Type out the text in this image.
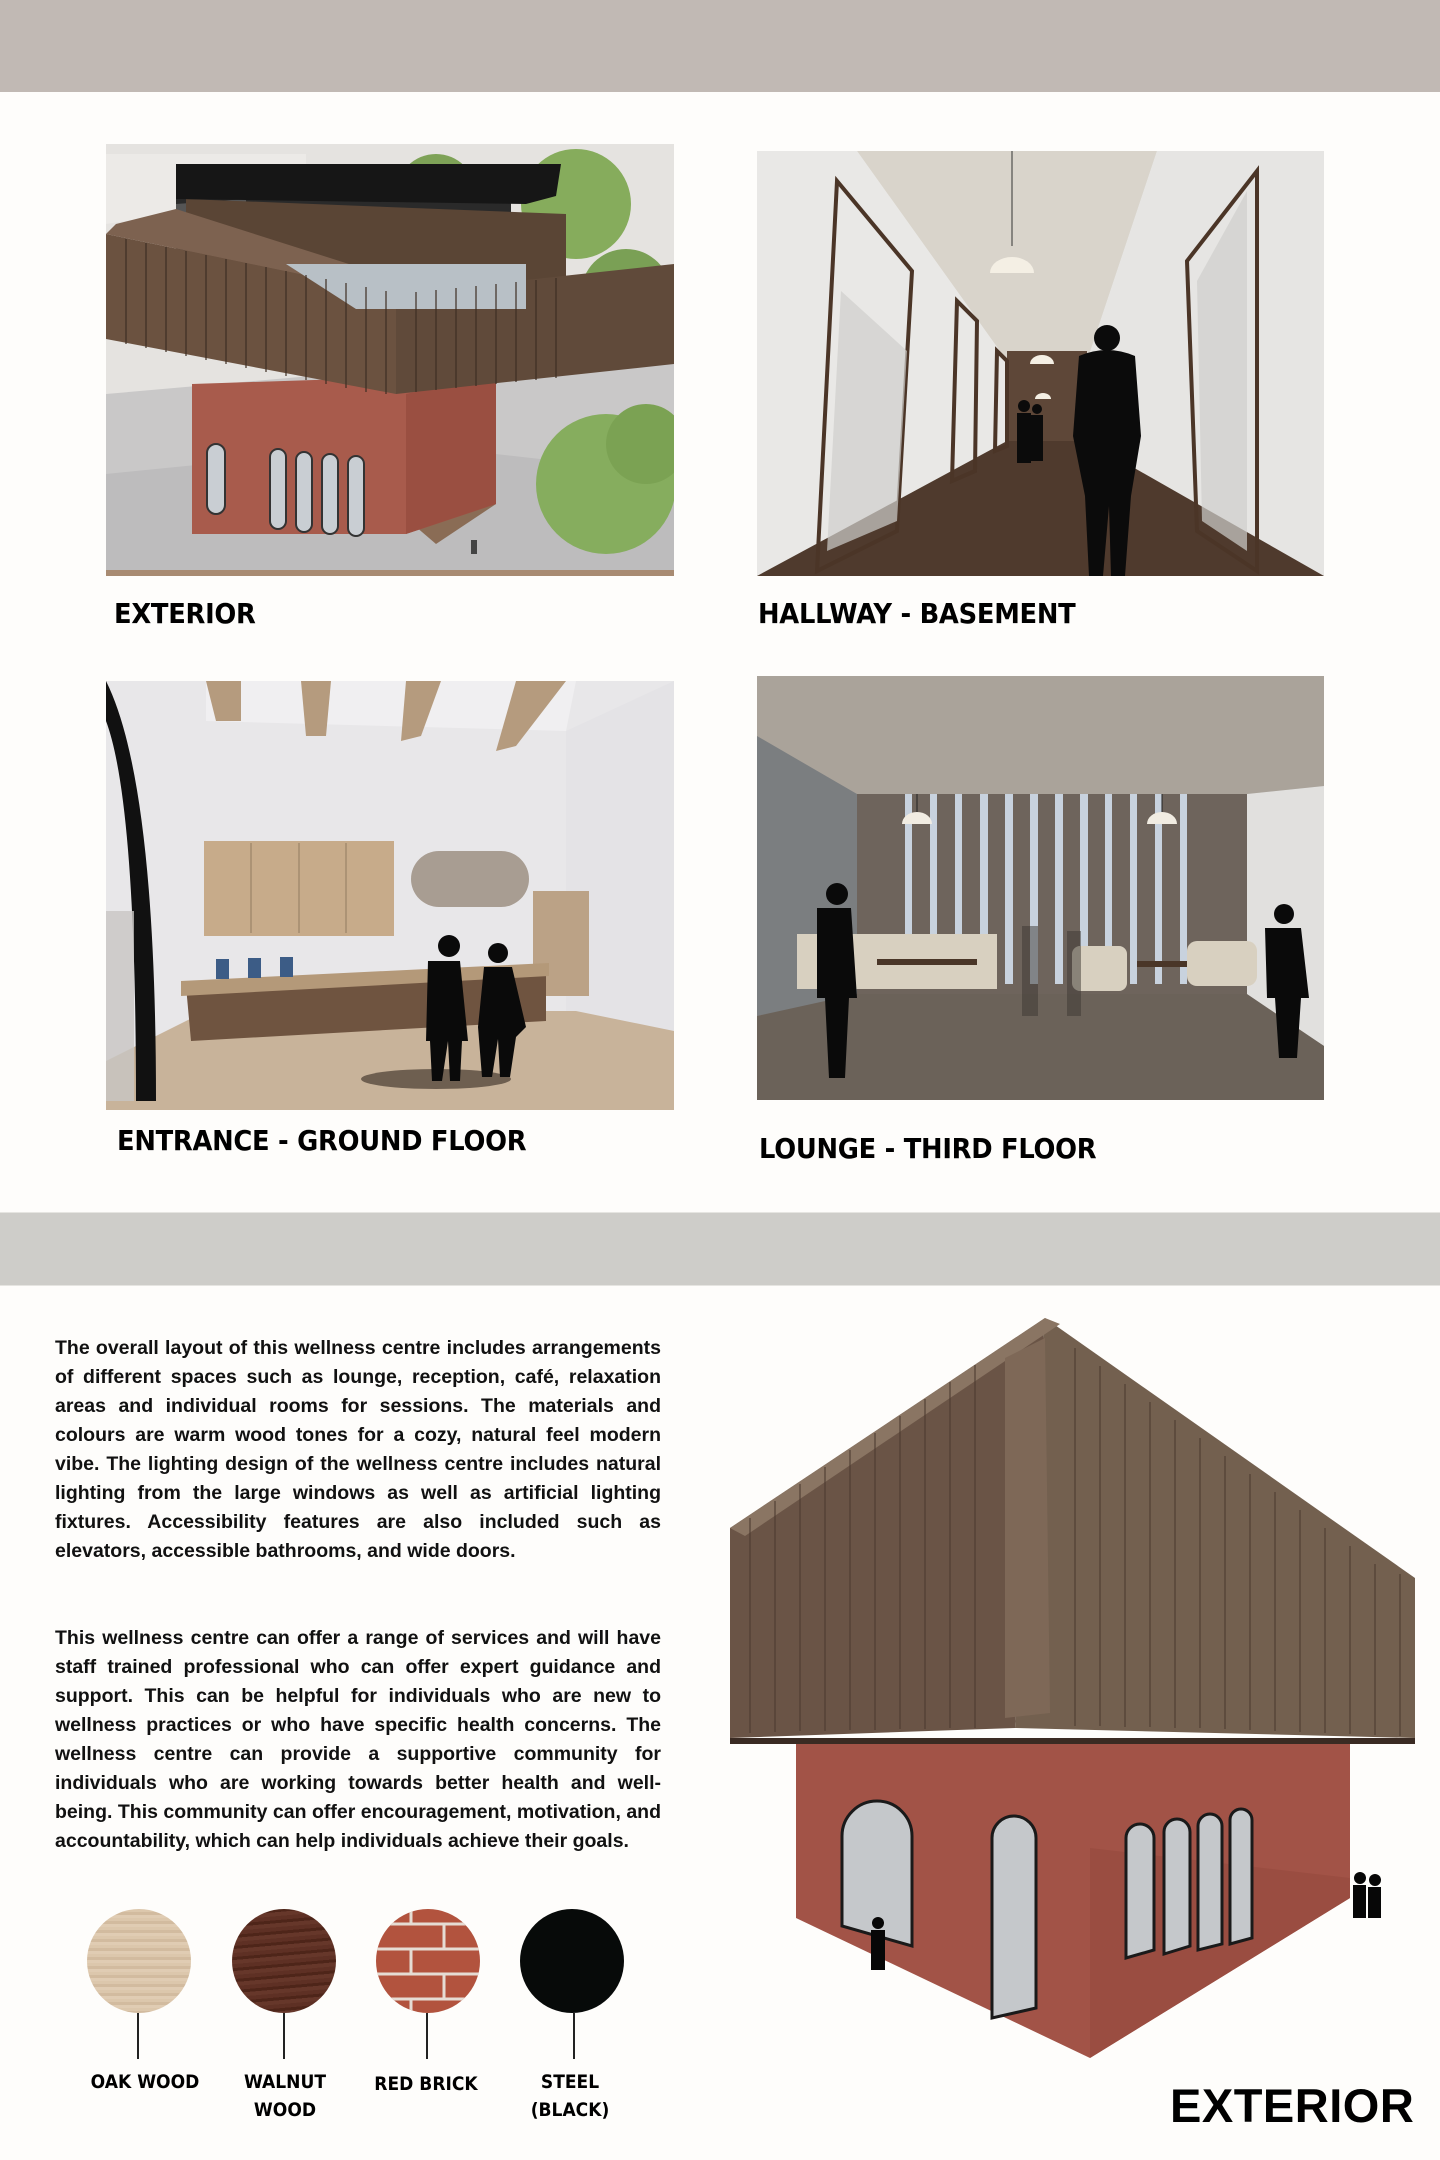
EXTERIOR	HALLWAY - BASEMENT
ENTRANCE - GROUND FLOOR	LOUNGE - THIRD FLOOR

The overall layout of this wellness centre includes arrangements of different spaces such as lounge, reception, café, relaxation areas and individual rooms for sessions. The materials and colours are warm wood tones for a cozy, natural feel modern vibe. The lighting design of the wellness centre includes natural lighting from the large windows as well as artificial lighting fixtures. Accessibility features are also included such as elevators, accessible bathrooms, and wide doors.

This wellness centre can offer a range of services and will have staff trained professional who can offer expert guidance and support. This can be helpful for individuals who are new to wellness practices or who have specific health concerns. The wellness centre can provide a supportive community for individuals who are working towards better health and well-being. This community can offer encouragement, motivation, and accountability, which can help individuals achieve their goals.

OAK WOOD	WALNUT
WOOD
RED BRICK	STEEL
(BLACK)	EXTERIOR
